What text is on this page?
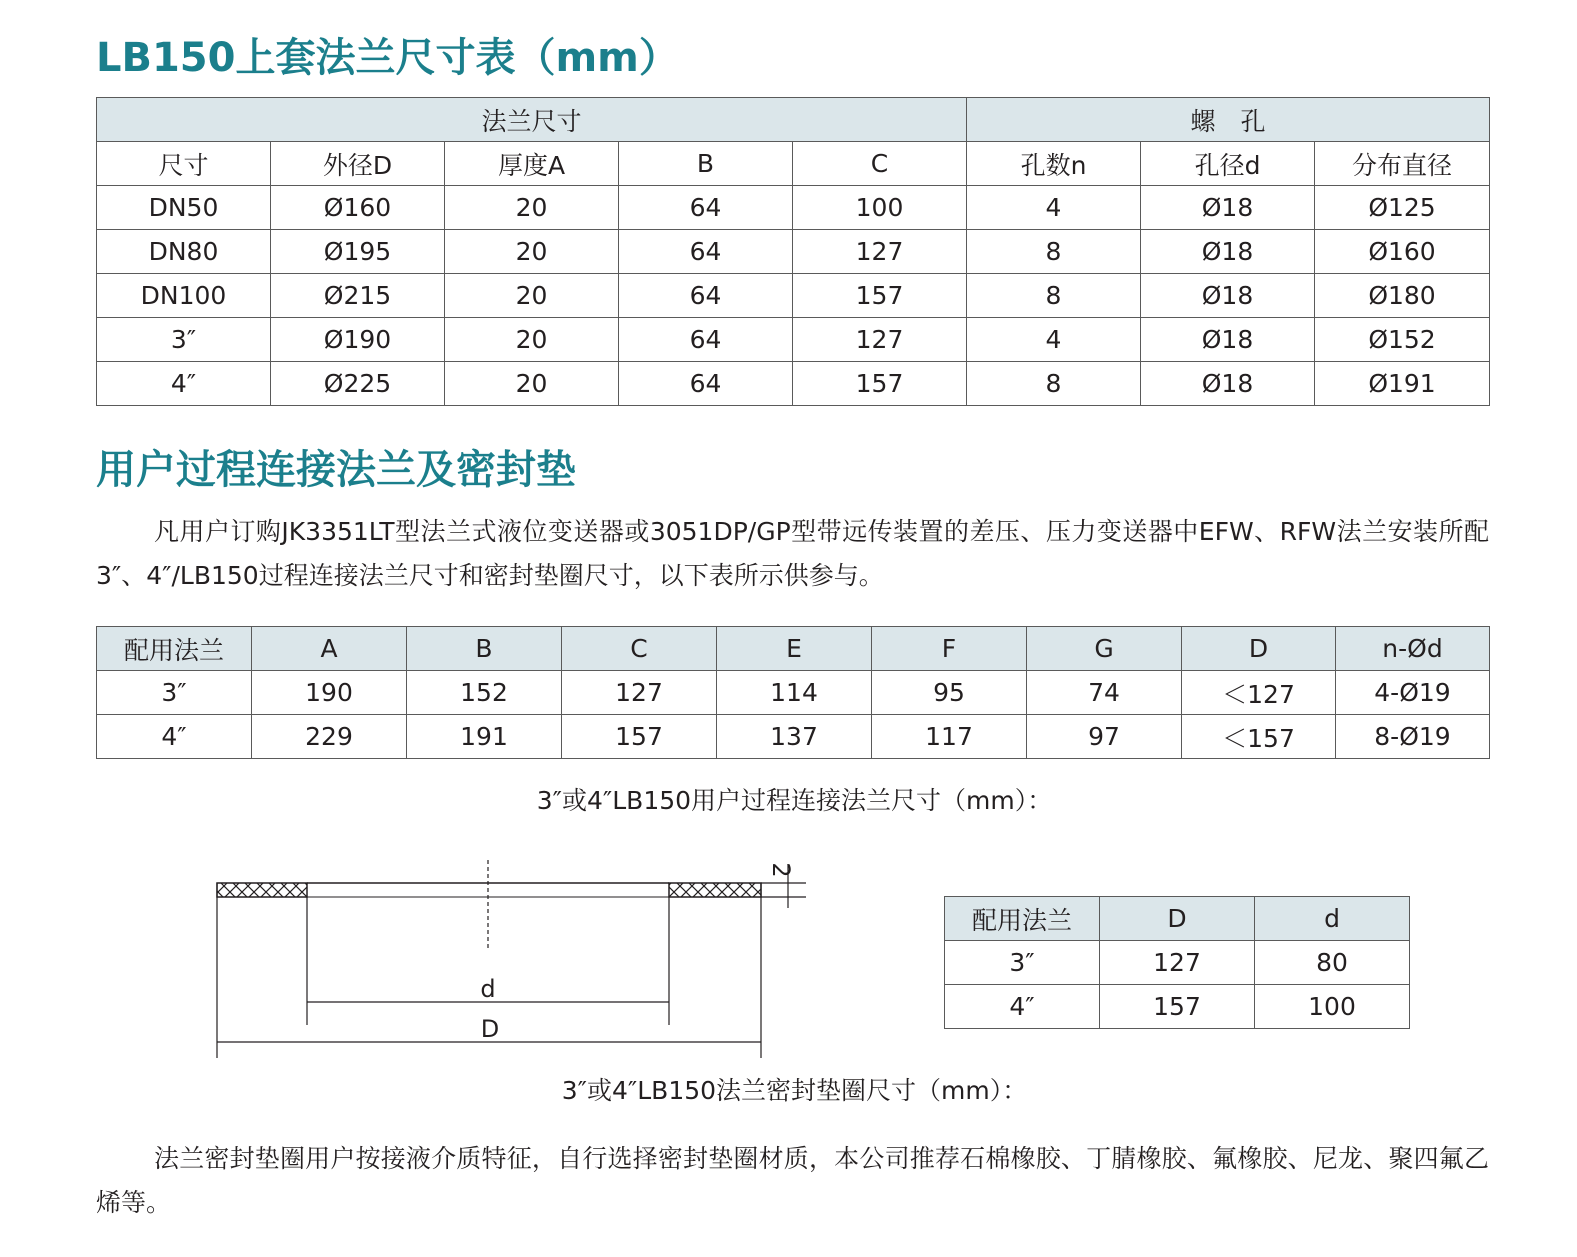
LB150上套法兰尺寸表（mm）
法兰尺寸					螺　孔		
尺寸	外径D	厚度A	B	C	孔数n	孔径d	分布直径
DN50	Ø160	20	64	100	4	Ø18	Ø125
DN80	Ø195	20	64	127	8	Ø18	Ø160
DN100	Ø215	20	64	157	8	Ø18	Ø180
3″	Ø190	20	64	127	4	Ø18	Ø152
4″	Ø225	20	64	157	8	Ø18	Ø191
用户过程连接法兰及密封垫

凡用户订购JK3351LT型法兰式液位变送器或3051DP/GP型带远传装置的差压、压力变送器中EFW、RFW法兰安装所配3″、4″/LB150过程连接法兰尺寸和密封垫圈尺寸，以下表所示供参与。

配用法兰	A	B	C	E	F	G	D	n-Ød
3″	190	152	127	114	95	74	＜127	4-Ø19
4″	229	191	157	137	117	97	＜157	8-Ø19

3″或4″LB150用户过程连接法兰尺寸（mm）：

d
D
2
配用法兰	D	d
3″	127	80
4″	157	100

3″或4″LB150法兰密封垫圈尺寸（mm）：

法兰密封垫圈用户按接液介质特征，自行选择密封垫圈材质，本公司推荐石棉橡胶、丁腈橡胶、氟橡胶、尼龙、聚四氟乙烯等。
